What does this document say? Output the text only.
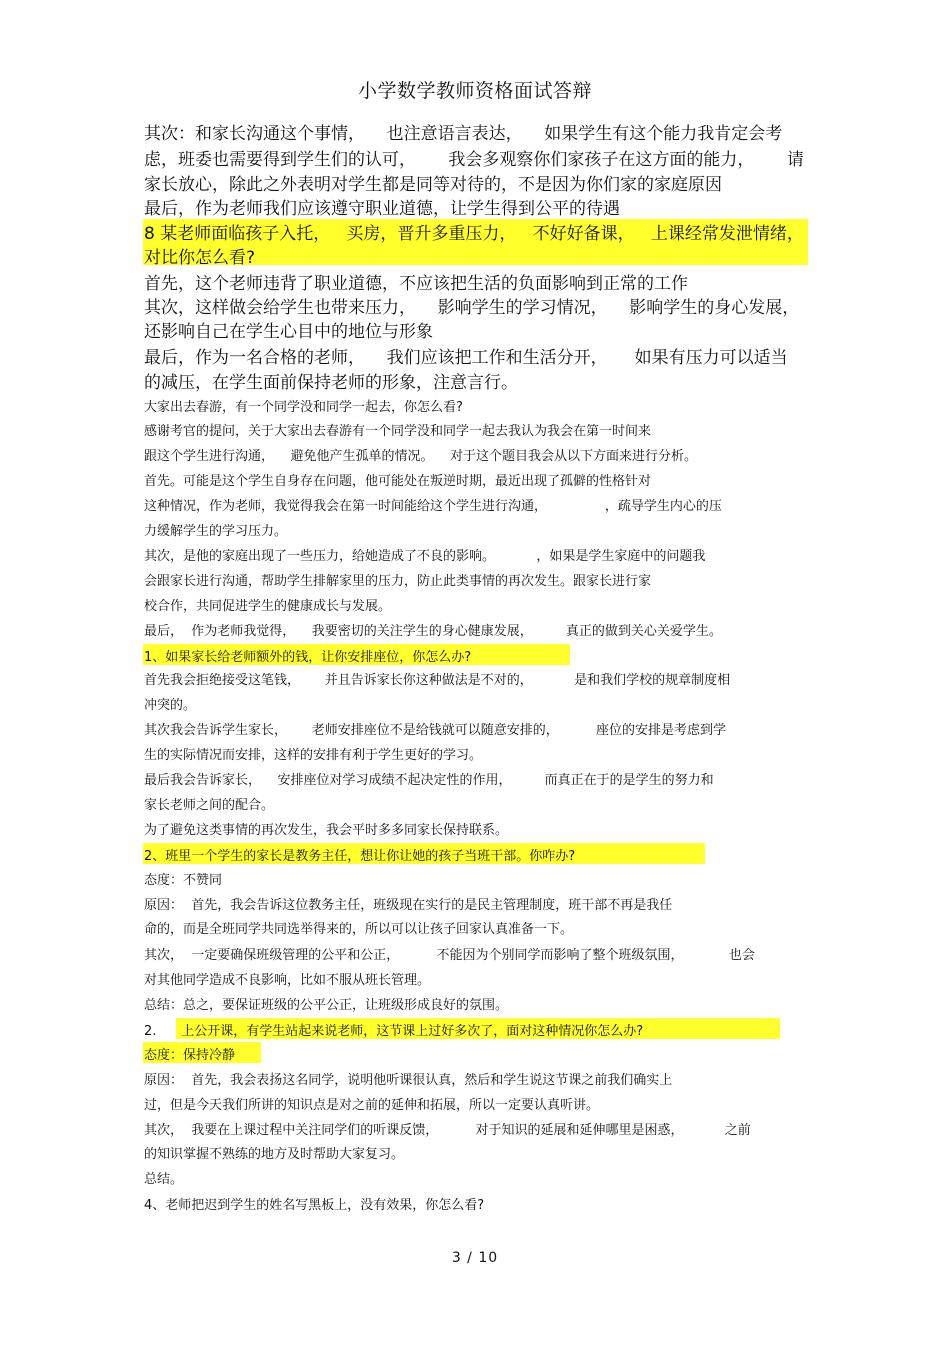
小学数学教师资格面试答辩
其次：和家长沟通这个事情，    也注意语言表达，    如果学生有这个能力我肯定会考
虑，班委也需要得到学生们的认可，      我会多观察你们家孩子在这方面的能力，      请
家长放心，除此之外表明对学生都是同等对待的，不是因为你们家的家庭原因
最后，作为老师我们应该遵守职业道德，让学生得到公平的待遇
8 某老师面临孩子入托，   买房，晋升多重压力，   不好好备课，   上课经常发泄情绪，
对比你怎么看?
首先，这个老师违背了职业道德，不应该把生活的负面影响到正常的工作
其次，这样做会给学生也带来压力，    影响学生的学习情况，    影响学生的身心发展，
还影响自己在学生心目中的地位与形象
最后，作为一名合格的老师，    我们应该把工作和生活分开，     如果有压力可以适当
的减压，在学生面前保持老师的形象，注意言行。
大家出去春游，有一个同学没和同学一起去，你怎么看?
感谢考官的提问，关于大家出去春游有一个同学没和同学一起去我认为我会在第一时间来
跟这个学生进行沟通，    避免他产生孤单的情况。    对于这个题目我会从以下方面来进行分析。
首先。可能是这个学生自身存在问题，他可能处在叛逆时期，最近出现了孤僻的性格针对
这种情况，作为老师，我觉得我会在第一时间能给这个学生进行沟通，              ，疏导学生内心的压
力缓解学生的学习压力。
其次，是他的家庭出现了一些压力，给她造成了不良的影响。          ，如果是学生家庭中的问题我
会跟家长进行沟通，帮助学生排解家里的压力，防止此类事情的再次发生。跟家长进行家
校合作，共同促进学生的健康成长与发展。
最后，  作为老师我觉得，    我要密切的关注学生的身心健康发展，        真正的做到关心关爱学生。
1、如果家长给老师额外的钱，让你安排座位，你怎么办?
首先我会拒绝接受这笔钱，      并且告诉家长你这种做法是不对的，          是和我们学校的规章制度相
冲突的。
其次我会告诉学生家长，      老师安排座位不是给钱就可以随意安排的，         座位的安排是考虑到学
生的实际情况而安排，这样的安排有利于学生更好的学习。
最后我会告诉家长，    安排座位对学习成绩不起决定性的作用，        而真正在于的是学生的努力和
家长老师之间的配合。
为了避免这类事情的再次发生，我会平时多多同家长保持联系。
2、班里一个学生的家长是教务主任，想让你让她的孩子当班干部。你咋办?
态度：不赞同
原因：  首先，我会告诉这位教务主任，班级现在实行的是民主管理制度，班干部不再是我任
命的，而是全班同学共同选举得来的，所以可以让孩子回家认真准备一下。
其次，  一定要确保班级管理的公平和公正，         不能因为个别同学而影响了整个班级氛围，           也会
对其他同学造成不良影响，比如不服从班长管理。
总结：总之，要保证班级的公平公正，让班级形成良好的氛围。
2.      上公开课，有学生站起来说老师，这节课上过好多次了，面对这种情况你怎么办?
态度：保持冷静
原因：  首先，我会表扬这名同学，说明他听课很认真，然后和学生说这节课之前我们确实上
过，但是今天我们所讲的知识点是对之前的延伸和拓展，所以一定要认真听讲。
其次，  我要在上课过程中关注同学们的听课反馈，         对于知识的延展和延伸哪里是困惑，          之前
的知识掌握不熟练的地方及时帮助大家复习。
总结。
4、老师把迟到学生的姓名写黑板上，没有效果，你怎么看?
3 / 10
